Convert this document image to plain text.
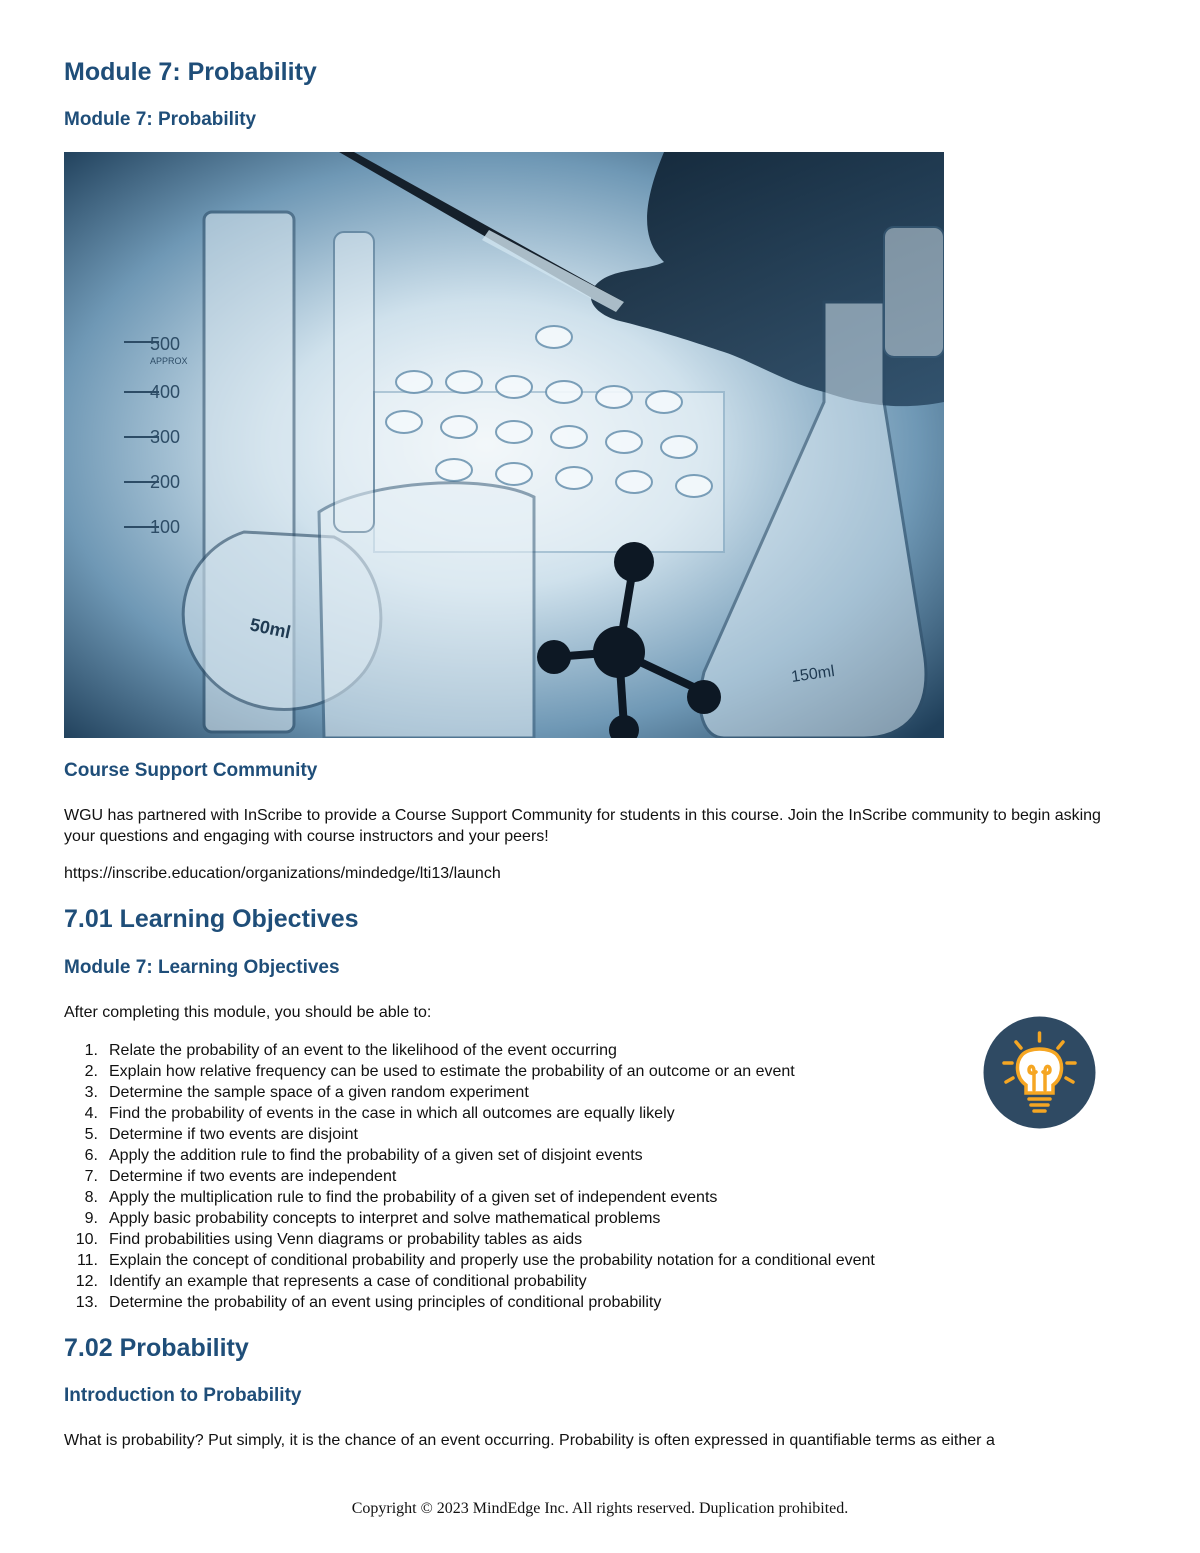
Module 7: Probability
Module 7: Probability
500
APPROX
400
300
200
100
50ml
150ml
Course Support Community

WGU has partnered with InScribe to provide a Course Support Community for students in this course. Join the InScribe community to begin asking your questions and engaging with course instructors and your peers!

https://inscribe.education/organizations/mindedge/lti13/launch

7.01 Learning Objectives
Module 7: Learning Objectives

After completing this module, you should be able to:

1. Relate the probability of an event to the likelihood of the event occurring
2. Explain how relative frequency can be used to estimate the probability of an outcome or an event
3. Determine the sample space of a given random experiment
4. Find the probability of events in the case in which all outcomes are equally likely
5. Determine if two events are disjoint
6. Apply the addition rule to find the probability of a given set of disjoint events
7. Determine if two events are independent
8. Apply the multiplication rule to find the probability of a given set of independent events
9. Apply basic probability concepts to interpret and solve mathematical problems
10. Find probabilities using Venn diagrams or probability tables as aids
11. Explain the concept of conditional probability and properly use the probability notation for a conditional event
12. Identify an example that represents a case of conditional probability
13. Determine the probability of an event using principles of conditional probability
7.02 Probability
Introduction to Probability

What is probability? Put simply, it is the chance of an event occurring. Probability is often expressed in quantifiable terms as either a

Copyright © 2023 MindEdge Inc. All rights reserved. Duplication prohibited.
